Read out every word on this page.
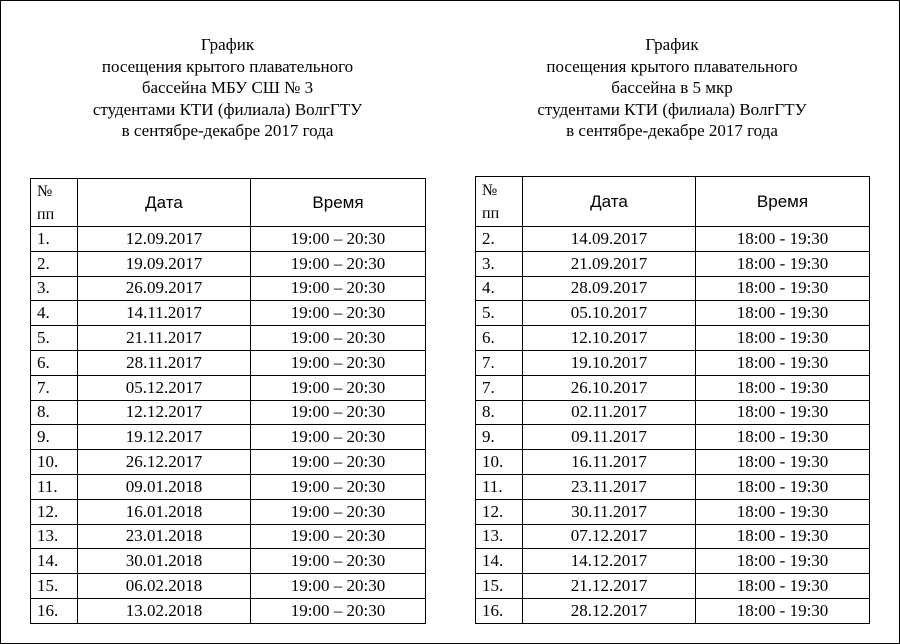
График
посещения крытого плавательного
бассейна МБУ СШ № 3
студентами КТИ (филиала) ВолгГТУ
в сентябре-декабре 2017 года
№
пп	Дата	Время
1.	12.09.2017	19:00 – 20:30
2.	19.09.2017	19:00 – 20:30
3.	26.09.2017	19:00 – 20:30
4.	14.11.2017	19:00 – 20:30
5.	21.11.2017	19:00 – 20:30
6.	28.11.2017	19:00 – 20:30
7.	05.12.2017	19:00 – 20:30
8.	12.12.2017	19:00 – 20:30
9.	19.12.2017	19:00 – 20:30
10.	26.12.2017	19:00 – 20:30
11.	09.01.2018	19:00 – 20:30
12.	16.01.2018	19:00 – 20:30
13.	23.01.2018	19:00 – 20:30
14.	30.01.2018	19:00 – 20:30
15.	06.02.2018	19:00 – 20:30
16.	13.02.2018	19:00 – 20:30
График
посещения крытого плавательного
бассейна в 5 мкр
студентами КТИ (филиала) ВолгГТУ
в сентябре-декабре 2017 года
№
пп	Дата	Время
2.	14.09.2017	18:00 - 19:30
3.	21.09.2017	18:00 - 19:30
4.	28.09.2017	18:00 - 19:30
5.	05.10.2017	18:00 - 19:30
6.	12.10.2017	18:00 - 19:30
7.	19.10.2017	18:00 - 19:30
7.	26.10.2017	18:00 - 19:30
8.	02.11.2017	18:00 - 19:30
9.	09.11.2017	18:00 - 19:30
10.	16.11.2017	18:00 - 19:30
11.	23.11.2017	18:00 - 19:30
12.	30.11.2017	18:00 - 19:30
13.	07.12.2017	18:00 - 19:30
14.	14.12.2017	18:00 - 19:30
15.	21.12.2017	18:00 - 19:30
16.	28.12.2017	18:00 - 19:30
